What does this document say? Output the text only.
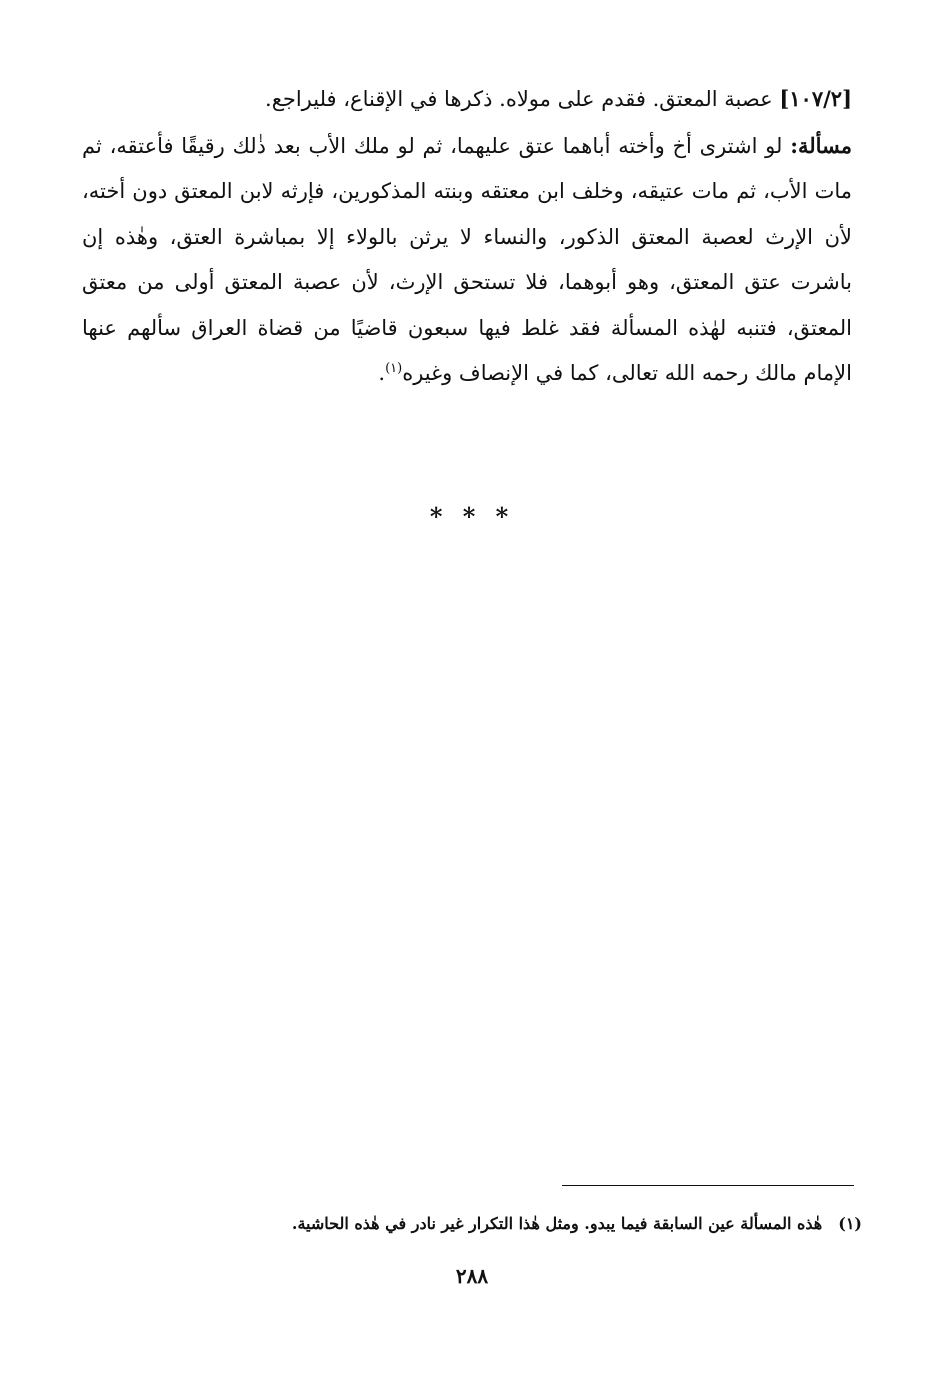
[١٠٧/٢] عصبة المعتق. فقدم على مولاه. ذكرها في الإقناع، فليراجع.

مسألة: لو اشترى أخ وأخته أباهما عتق عليهما، ثم لو ملك الأب بعد ذٰلك رقيقًا فأعتقه، ثم مات الأب، ثم مات عتيقه، وخلف ابن معتقه وبنته المذكورين، فإرثه لابن المعتق دون أخته، لأن الإرث لعصبة المعتق الذكور، والنساء لا يرثن بالولاء إلا بمباشرة العتق، وهٰذه إن باشرت عتق المعتق، وهو أبوهما، فلا تستحق الإرث، لأن عصبة المعتق أولى من معتق المعتق، فتنبه لهٰذه المسألة فقد غلط فيها سبعون قاضيًا من قضاة العراق سألهم عنها الإمام مالك رحمه الله تعالى، كما في الإنصاف وغيره$^{(١)}$.

* * *
(١)هٰذه المسألة عين السابقة فيما يبدو. ومثل هٰذا التكرار غير نادر في هٰذه الحاشية.
٢٨٨
